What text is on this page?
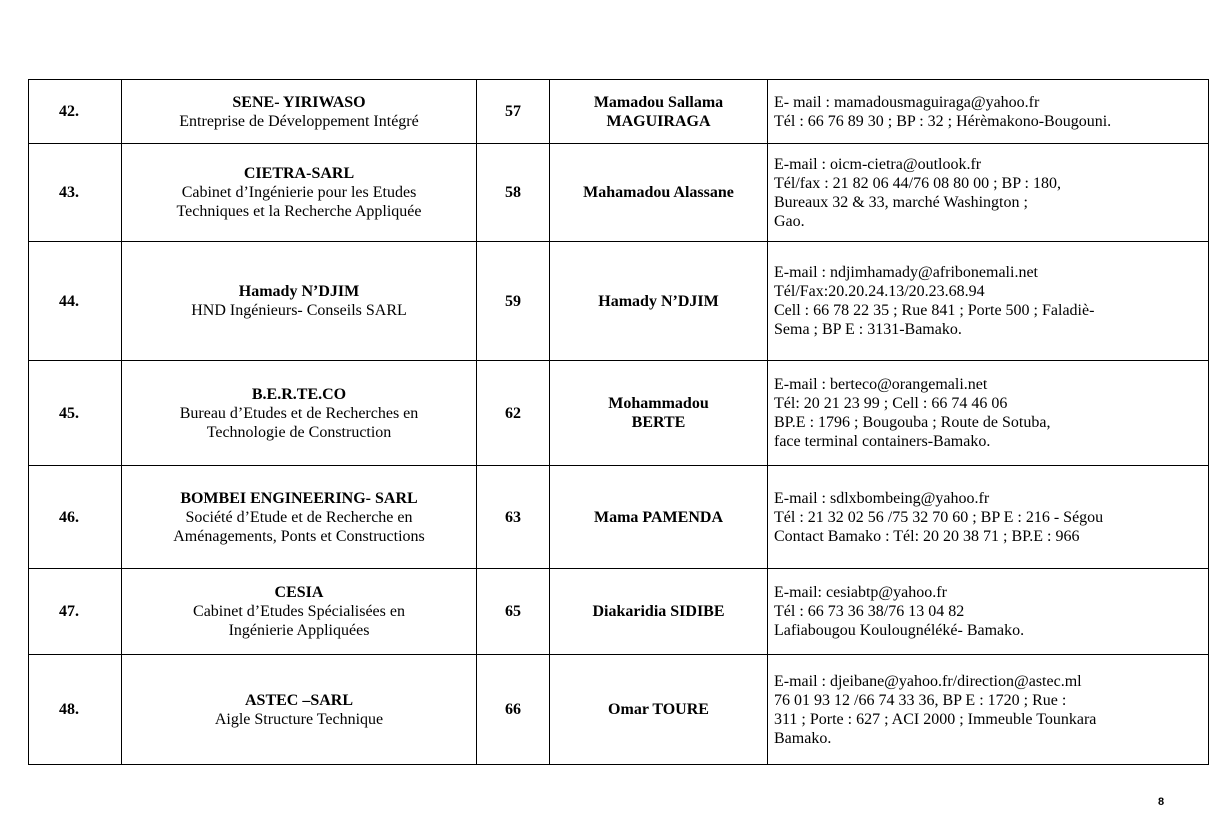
42.	SENE- YIRIWASO
Entreprise de Développement Intégré	57	Mamadou Sallama
MAGUIRAGA	E- mail : mamadousmaguiraga@yahoo.fr
Tél : 66 76 89 30 ; BP : 32 ; Hérèmakono-Bougouni.

43.	CIETRA-SARL
Cabinet d’Ingénierie pour les Etudes
Techniques et la Recherche Appliquée	58	Mahamadou Alassane	E-mail : oicm-cietra@outlook.fr
Tél/fax : 21 82 06 44/76 08 80 00 ; BP : 180,
Bureaux 32 & 33, marché Washington ;
Gao.

44.	Hamady N’DJIM
HND Ingénieurs- Conseils SARL	59	Hamady N’DJIM	E-mail : ndjimhamady@afribonemali.net
Tél/Fax:20.20.24.13/20.23.68.94
Cell : 66 78 22 35 ; Rue 841 ; Porte 500 ; Faladiè-
Sema ; BP E : 3131-Bamako.

45.	B.E.R.TE.CO
Bureau d’Etudes et de Recherches en
Technologie de Construction	62	Mohammadou
BERTE	E-mail : berteco@orangemali.net
Tél: 20 21 23 99 ; Cell : 66 74 46 06
BP.E : 1796 ; Bougouba ; Route de Sotuba,
face terminal containers-Bamako.

46.	BOMBEI ENGINEERING- SARL
Société d’Etude et de Recherche en
Aménagements, Ponts et Constructions	63	Mama PAMENDA	E-mail : sdlxbombeing@yahoo.fr
Tél : 21 32 02 56 /75 32 70 60 ; BP E : 216 - Ségou
Contact Bamako : Tél: 20 20 38 71 ; BP.E : 966

47.	CESIA
Cabinet d’Etudes Spécialisées en
Ingénierie Appliquées	65	Diakaridia SIDIBE	E-mail: cesiabtp@yahoo.fr
Tél : 66 73 36 38/76 13 04 82
Lafiabougou Koulougnéléké- Bamako.

48.	ASTEC –SARL
Aigle Structure Technique	66	Omar TOURE	E-mail : djeibane@yahoo.fr/direction@astec.ml
76 01 93 12 /66 74 33 36, BP E : 1720 ; Rue :
311 ; Porte : 627 ; ACI 2000 ; Immeuble Tounkara
Bamako.
8
